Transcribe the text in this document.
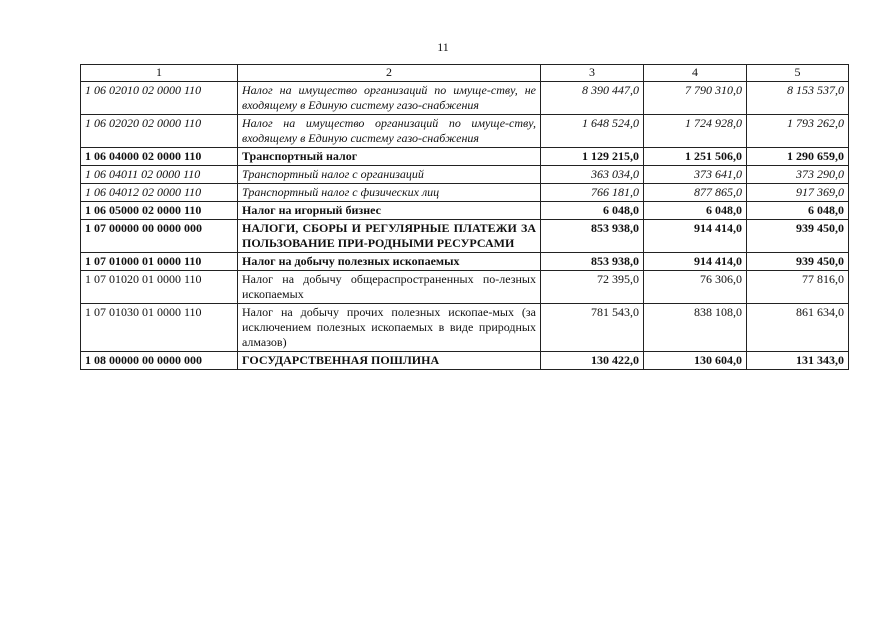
11
1	2	3	4	5
1 06 02010 02 0000 110	Налог на имущество организаций по имуще-ству, не входящему в Единую систему газо-снабжения	8 390 447,0	7 790 310,0	8 153 537,0
1 06 02020 02 0000 110	Налог на имущество организаций по имуще-ству, входящему в Единую систему газо-снабжения	1 648 524,0	1 724 928,0	1 793 262,0
1 06 04000 02 0000 110	Транспортный налог	1 129 215,0	1 251 506,0	1 290 659,0
1 06 04011 02 0000 110	Транспортный налог с организаций	363 034,0	373 641,0	373 290,0
1 06 04012 02 0000 110	Транспортный налог с физических лиц	766 181,0	877 865,0	917 369,0
1 06 05000 02 0000 110	Налог на игорный бизнес	6 048,0	6 048,0	6 048,0
1 07 00000 00 0000 000	НАЛОГИ, СБОРЫ И РЕГУЛЯРНЫЕ ПЛАТЕЖИ ЗА ПОЛЬЗОВАНИЕ ПРИ-РОДНЫМИ РЕСУРСАМИ	853 938,0	914 414,0	939 450,0
1 07 01000 01 0000 110	Налог на добычу полезных ископаемых	853 938,0	914 414,0	939 450,0
1 07 01020 01 0000 110	Налог на добычу общераспространенных по-лезных ископаемых	72 395,0	76 306,0	77 816,0
1 07 01030 01 0000 110	Налог на добычу прочих полезных ископае-мых (за исключением полезных ископаемых в виде природных алмазов)	781 543,0	838 108,0	861 634,0
1 08 00000 00 0000 000	ГОСУДАРСТВЕННАЯ ПОШЛИНА	130 422,0	130 604,0	131 343,0
